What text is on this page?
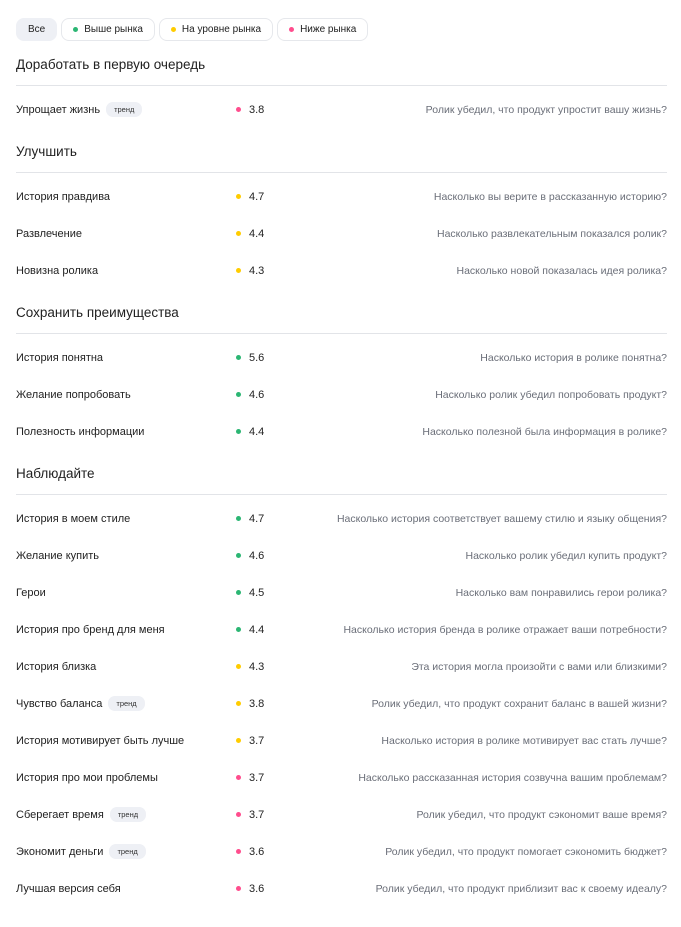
Все	Выше рынка	На уровне рынка	Ниже рынка
Доработать в первую очередь
Упрощает жизнь	тренд	3.8	Ролик убедил, что продукт упростит вашу жизнь?
Улучшить
История правдива	4.7	Насколько вы верите в рассказанную историю?
Развлечение	4.4	Насколько развлекательным показался ролик?
Новизна ролика	4.3	Насколько новой показалась идея ролика?
Сохранить преимущества
История понятна	5.6	Насколько история в ролике понятна?
Желание попробовать	4.6	Насколько ролик убедил попробовать продукт?
Полезность информации	4.4	Насколько полезной была информация в ролике?
Наблюдайте
История в моем стиле	4.7	Насколько история соответствует вашему стилю и языку общения?
Желание купить	4.6	Насколько ролик убедил купить продукт?
Герои	4.5	Насколько вам понравились герои ролика?
История про бренд для меня	4.4	Насколько история бренда в ролике отражает ваши потребности?
История близка	4.3	Эта история могла произойти с вами или близкими?
Чувство баланса	тренд	3.8	Ролик убедил, что продукт сохранит баланс в вашей жизни?
История мотивирует быть лучше	3.7	Насколько история в ролике мотивирует вас стать лучше?
История про мои проблемы	3.7	Насколько рассказанная история созвучна вашим проблемам?
Сберегает время	тренд	3.7	Ролик убедил, что продукт сэкономит ваше время?
Экономит деньги	тренд	3.6	Ролик убедил, что продукт помогает сэкономить бюджет?
Лучшая версия себя	3.6	Ролик убедил, что продукт приблизит вас к своему идеалу?
